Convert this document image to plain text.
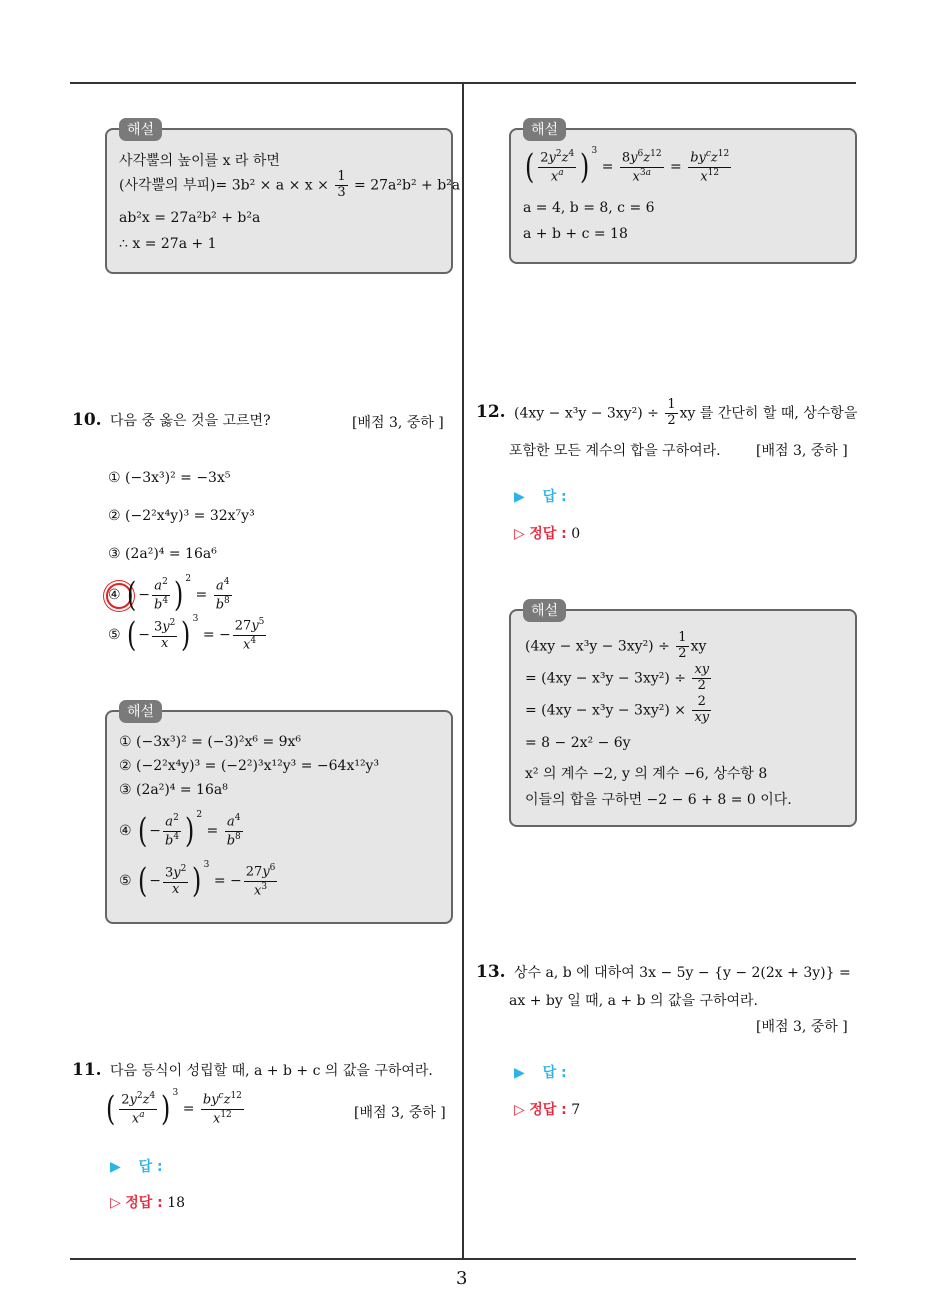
3
해설
사각뿔의 높이를 x 라 하면
(사각뿔의 부피)= $3b^2 \times a \times x \times \frac{1}{3} = 27a^2b^2 + b^2a$
ab²x = 27a²b² + b²a
∴ x = 27a + 1
10. 다음 중 옳은 것을 고르면?	[배점 3, 중하 ]
① (−3x³)² = −3x⁵
② (−2²x⁴y)³ = 32x⁷y³
③ (2a²)⁴ = 16a⁶
④ ( − $\frac{a^2}{b^4}$ ) $^2 = \frac{a^4}{b^8}$
⑤ ( − $\frac{3y^2}{x}$ ) $^3$ = − $\frac{27y^5}{x^4}$
해설
① (−3x³)² = (−3)²x⁶ = 9x⁶
② (−2²x⁴y)³ = (−2²)³x¹²y³ = −64x¹²y³
③ (2a²)⁴ = 16a⁸
④ ( − $\frac{a^2}{b^4}$ ) $^2 = \frac{a^4}{b^8}$
⑤ ( − $\frac{3y^2}{x}$ ) $^3$ = − $\frac{27y^6}{x^3}$
11. 다음 등식이 성립할 때, a + b + c 의 값을 구하여라.
( $\frac{2y^2z^4}{x^a}$ ) $^3 = \frac{by^cz^{12}}{x^{12}}$	[배점 3, 중하 ]
▶ 답 :
▷ 정답 : 18
해설
( $\frac{2y^2z^4}{x^a}$ ) $^3 = \frac{8y^6z^{12}}{x^{3a}} = \frac{by^cz^{12}}{x^{12}}$
a = 4, b = 8, c = 6
a + b + c = 18
12. $(4xy - x^3y - 3xy^2) \div \frac{1}{2}$ xy 를 간단히 할 때, 상수항을
포함한 모든 계수의 합을 구하여라.	[배점 3, 중하 ]
▶ 답 :
▷ 정답 : 0
해설
$(4xy - x^3y - 3xy^2) \div \frac{1}{2}$ xy
= $(4xy - x^3y - 3xy^2) \div \frac{xy}{2}$
= $(4xy - x^3y - 3xy^2) \times \frac{2}{xy}$
= 8 − 2x² − 6y
x² 의 계수 −2, y 의 계수 −6, 상수항 8
이들의 합을 구하면 −2 − 6 + 8 = 0 이다.
13. 상수 a, b 에 대하여 3x − 5y − {y − 2(2x + 3y)} =
ax + by 일 때, a + b 의 값을 구하여라.
[배점 3, 중하 ]
▶ 답 :
▷ 정답 : 7
